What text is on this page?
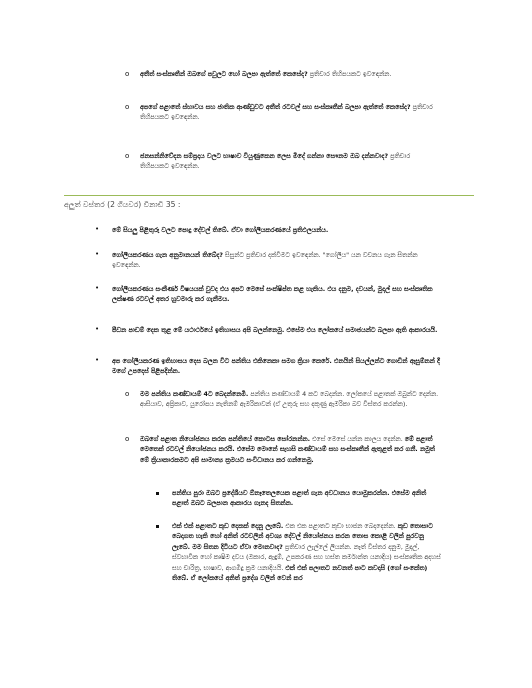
o අතීත් සංස්කෘතීන් ඔබගේ පවුලට හෝ බලපා ඇත්තේ කෙසේද? ප්‍රතිචාර තිහිපයකට ඉවඳෙන්න.
o අපගේ පළාතේ ස්භාවය සහ ජාතික ආණ්ඩුවට අතීත් රටවල් සහ සංස්කෘතීන් බලපා ඇත්තේ කෙසේද? ප්‍රතිචාර තිහිපයකට ඉවඳෙන්න.
o ජනසන්නිවේදන සම්ප්‍රදාය වලට භාෂාව වියුණුකෙන ලෙස මිදේ ගන්නා සෞනම ඔබ දන්නවාද? ප්‍රතිචාර තිහිපයකට ඉවඳෙන්න.
අලුත් වස්තර (2 ගියවර) විනාඩි 35 :
• මේ සියලු පිළිතුරු වලට පොදු දේවල් තිබේ. ඒවා ගෝලීයකරණයේ ප්‍රතිඵලයන්ය.
• ගෝලීයකරණය ගැන අනුමානයන් තිබේද? සිසුන්ට ප්‍රතිචාර දක්වීමට ඉවඳෙන්න. "ගෝලීය" යන වචනය ගැන සිතන්න ඉවඳෙන්න.
• ගෝලීයකරණය සංකීර්ණ විෂයයක් වුවද එය අපට මෙසේ සංක්ෂිප්ත කළ හැකිය. එය දනුම, දවයන්, මුදල් සහ සංස්කෘතික ලක්ෂණ රටවල් අතර හුවමාරු කර ගැනීමය.
• පීඩන පාඩම් දෙක තුළ මේ යථාර්ථයේ ඉතිහාසය අපි බලන්නෙමු. එසේම එය ලෝකයේ සමාජයන්ට බලපා ඇති ආකාරයයි.
• අප ගෝලීයකරණ ඉතිහාසය දෙස බලන විට පන්තිය එකිනෙකා සමග ක්‍රියා කෙරේ. එනයින් සියල්ලන්ට ගොඩින් ඇසුම්නන් දී මගේ උපදෙස් පිළිපදින්න.
o මම පන්තිය කණ්ඩායම් 4ට බෙදන්නෙමි. පන්තිය කණ්ඩායම් 4 කට බෙදන්න. ලෝකයේ පළාතක් ඔබුන්ට දෙන්න. ආසියාව, අප්‍රිකාව, යුරෝපය නැතිනම් ඇමරිකාවන් (ඒ උතුරු සහ දකුණු ඇමරිකා බව විස්තර කරන්න).
o ඔබගේ පළාත නියෝජනය කරන පන්තියේ කොටස සෝරනන්න. එසේ මෙසේ යන්න කාලය දෙන්න. මේ පළාත් මෙතෙක් රටවල් නියෝජනය කරයි. එසේම මොනේ සැහසි කණ්ඩායම් සහ සංස්කෘතීන් ඇතුළත් කර ගනී. නමුත් මේ ක්‍රියාකාරකමට අපි සාමාන්‍ය ක්‍රමයට සංවිධානය කර ගන්නෙමු.
පන්තිය පුරා ඔබට ප්‍රදේශීයව ඕනෑතෙලයෙක පළාත් ගැන අවධානය යොමුකරන්න. එසේම අනිත් පළාත් ඔබට බලපාන ආකාරය ගැනද සිතන්න.
එක් එක් පළාතට කුඩ දෙකක් දෙනු ලැබේ. එක එක පළාතට කුඩා භාජන බෙදාදෙන්න. කුඩ තොසාට බෙදාගත හැකි හෝ අනිත් රටවලින් අවශ්‍ය දේවල් නියෝජනය කරන තොස කොළි වලින් පුරවනු ලැබේ. මම සිතන දිටියට ඒවා මොනවාද? ප්‍රතිචාර ලැල්ලේ ලියන්න. නෑත් විස්තර දනුම, මුදල්, ස්වභාවික හෝ කෘෂිම දවය (ඔකාර, ඇඳුම්, උපකරණ සහ හස්ත කර්මාන්ත යනාදිය) සංස්කෘතික අදහස් සහ චාරිත්‍ර, භාෂාව, ආගමිදු ක්‍රම යනාදියයි. එක් එක් පලාතට නවනත් පාට කවදාසි (ගෝ සංකේත) තිබේ. ඒ ලෝකයේ අනිත් ප්‍රදේශ වලින් වෙන් කර
